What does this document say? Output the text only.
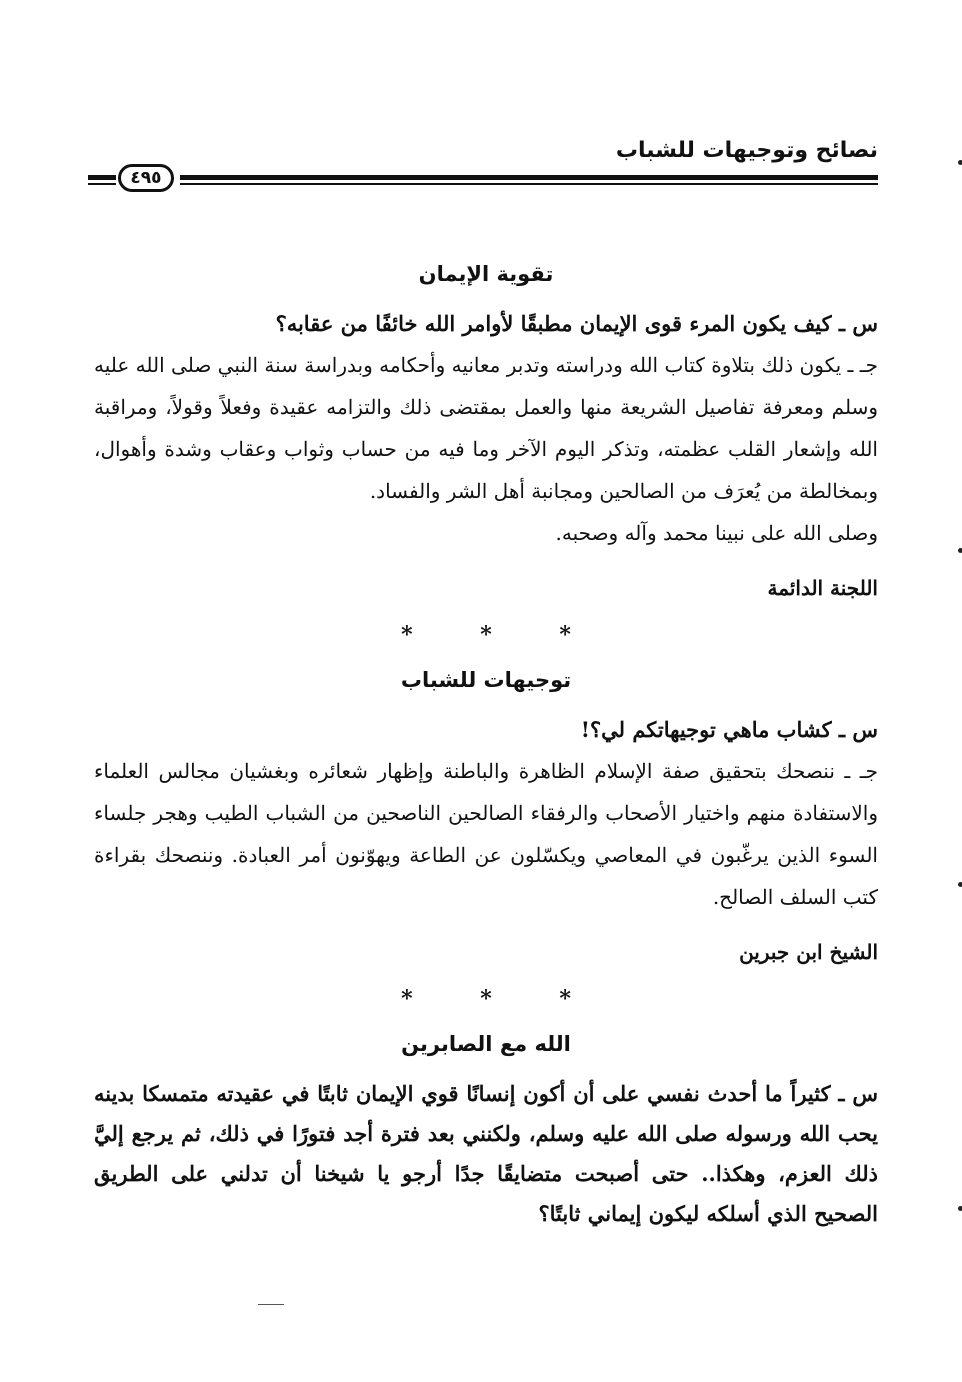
نصائح وتوجيهات للشباب
٤٩٥
تقوية الإيمان

س ـ كيف يكون المرء قوى الإيمان مطبقًا لأوامر الله خائفًا من عقابه؟

جـ ـ يكون ذلك بتلاوة كتاب الله ودراسته وتدبر معانيه وأحكامه وبدراسة سنة النبي صلى الله عليه وسلم ومعرفة تفاصيل الشريعة منها والعمل بمقتضى ذلك والتزامه عقيدة وفعلاً وقولاً، ومراقبة الله وإشعار القلب عظمته، وتذكر اليوم الآخر وما فيه من حساب وثواب وعقاب وشدة وأهوال، وبمخالطة من يُعرَف من الصالحين ومجانبة أهل الشر والفساد.

وصلى الله على نبينا محمد وآله وصحبه.

اللجنة الدائمة

* * *
توجيهات للشباب

س ـ كشاب ماهي توجيهاتكم لي؟!

جـ ـ ننصحك بتحقيق صفة الإسلام الظاهرة والباطنة وإظهار شعائره وبغشيان مجالس العلماء والاستفادة منهم واختيار الأصحاب والرفقاء الصالحين الناصحين من الشباب الطيب وهجر جلساء السوء الذين يرغّبون في المعاصي ويكسّلون عن الطاعة ويهوّنون أمر العبادة. وننصحك بقراءة كتب السلف الصالح.

الشيخ ابن جبرين

* * *
الله مع الصابرين

س ـ كثيراً ما أحدث نفسي على أن أكون إنسانًا قوي الإيمان ثابتًا في عقيدته متمسكا بدينه يحب الله ورسوله صلى الله عليه وسلم، ولكنني بعد فترة أجد فتورًا في ذلك، ثم يرجع إليَّ ذلك العزم، وهكذا.. حتى أصبحت متضايقًا جدًا أرجو يا شيخنا أن تدلني على الطريق الصحيح الذي أسلكه ليكون إيماني ثابتًا؟
